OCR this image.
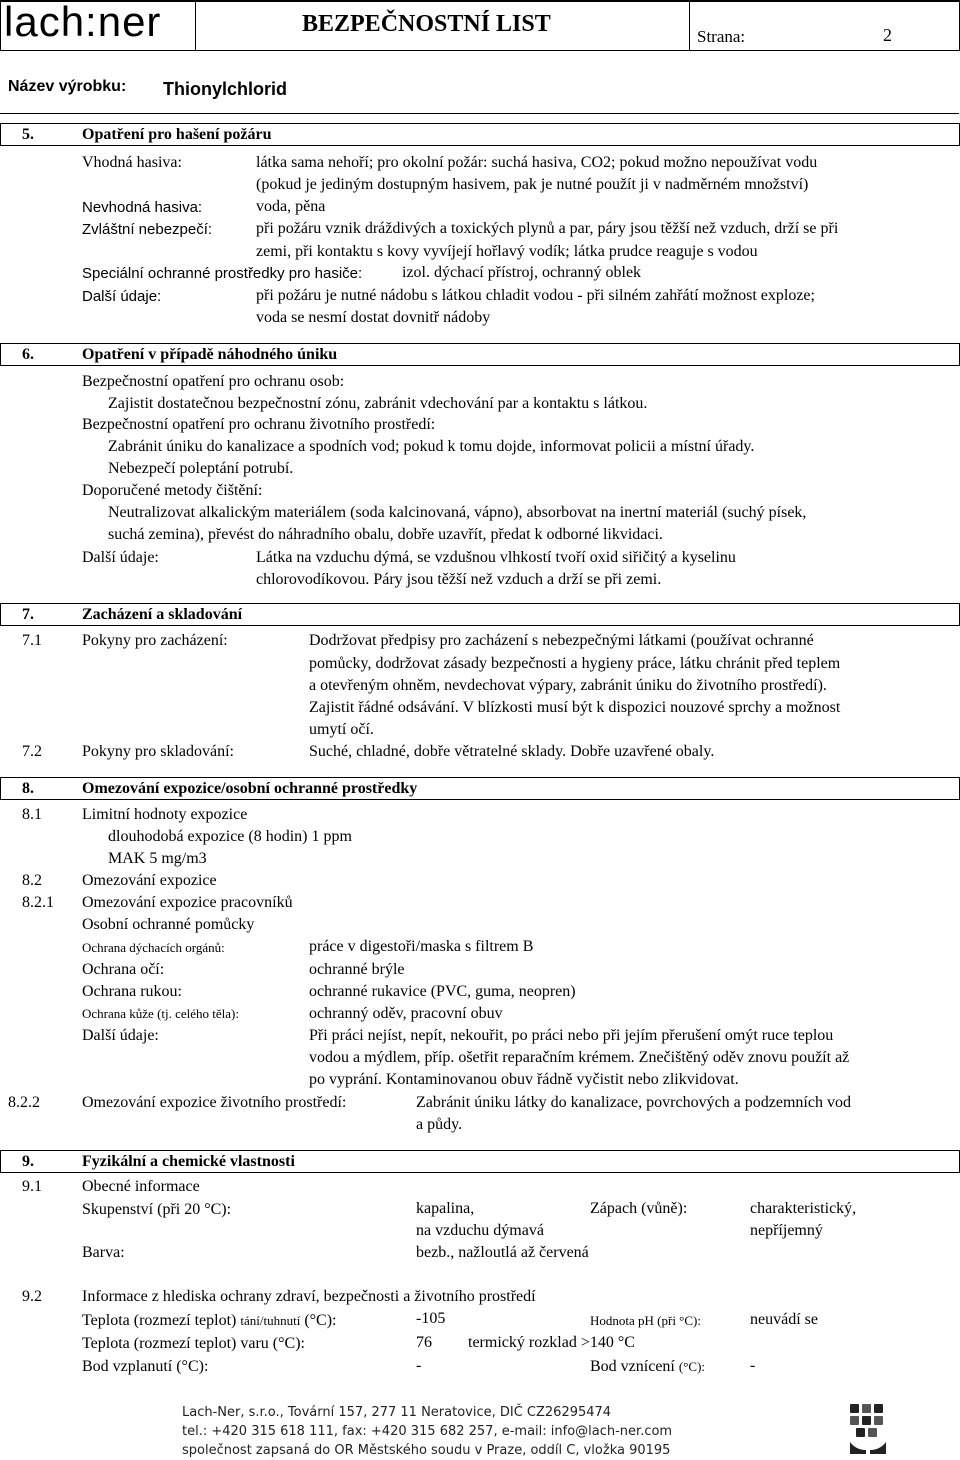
lach:ner	BEZPEČNOSTNÍ LIST	Strana:	2
Název výrobku: Thionylchlorid
5.	Opatření pro hašení požáru
Vhodná hasiva:	látka sama nehoří; pro okolní požár: suchá hasiva, CO2; pokud možno nepoužívat vodu
(pokud je jediným dostupným hasivem, pak je nutné použít ji v nadměrném množství)
Nevhodná hasiva:	voda, pěna
Zvláštní nebezpečí:	při požáru vznik dráždivých a toxických plynů a par, páry jsou těžší než vzduch, drží se při
zemi, při kontaktu s kovy vyvíjejí hořlavý vodík; látka prudce reaguje s vodou
Speciální ochranné prostředky pro hasiče: izol. dýchací přístroj, ochranný oblek
Další údaje:	při požáru je nutné nádobu s látkou chladit vodou - při silném zahřátí možnost exploze;
voda se nesmí dostat dovnitř nádoby
6.	Opatření v případě náhodného úniku
Bezpečnostní opatření pro ochranu osob:
Zajistit dostatečnou bezpečnostní zónu, zabránit vdechování par a kontaktu s látkou.
Bezpečnostní opatření pro ochranu životního prostředí:
Zabránit úniku do kanalizace a spodních vod; pokud k tomu dojde, informovat policii a místní úřady.
Nebezpečí poleptání potrubí.
Doporučené metody čištění:
Neutralizovat alkalickým materiálem (soda kalcinovaná, vápno), absorbovat na inertní materiál (suchý písek,
suchá zemina), převést do náhradního obalu, dobře uzavřít, předat k odborné likvidaci.
Další údaje:	Látka na vzduchu dýmá, se vzdušnou vlhkostí tvoří oxid siřičitý a kyselinu
chlorovodíkovou. Páry jsou těžší než vzduch a drží se při zemi.
7.	Zacházení a skladování
7.1	Pokyny pro zacházení:	Dodržovat předpisy pro zacházení s nebezpečnými látkami (používat ochranné
pomůcky, dodržovat zásady bezpečnosti a hygieny práce, látku chránit před teplem
a otevřeným ohněm, nevdechovat výpary, zabránit úniku do životního prostředí).
Zajistit řádné odsávání. V blízkosti musí být k dispozici nouzové sprchy a možnost
umytí očí.
7.2	Pokyny pro skladování:	Suché, chladné, dobře větratelné sklady. Dobře uzavřené obaly.
8.	Omezování expozice/osobní ochranné prostředky
8.1	Limitní hodnoty expozice
dlouhodobá expozice (8 hodin) 1 ppm
MAK 5 mg/m3
8.2	Omezování expozice
8.2.1 Omezování expozice pracovníků
Osobní ochranné pomůcky
Ochrana dýchacích orgánů:	práce v digestoři/maska s filtrem B
Ochrana očí:	ochranné brýle
Ochrana rukou:	ochranné rukavice (PVC, guma, neopren)
Ochrana kůže (tj. celého těla):	ochranný oděv, pracovní obuv
Další údaje:	Při práci nejíst, nepít, nekouřit, po práci nebo při jejím přerušení omýt ruce teplou
vodou a mýdlem, příp. ošetřit reparačním krémem. Znečištěný oděv znovu použít až
po vyprání. Kontaminovanou obuv řádně vyčistit nebo zlikvidovat.
8.2.2	Omezování expozice životního prostředí:	Zabránit úniku látky do kanalizace, povrchových a podzemních vod
a půdy.
9.	Fyzikální a chemické vlastnosti
9.1	Obecné informace
Skupenství (při 20 °C):	kapalina,
na vzduchu dýmavá
Zápach (vůně):	charakteristický,
nepříjemný
Barva:	bezb., nažloutlá až červená
9.2	Informace z hlediska ochrany zdraví, bezpečnosti a životního prostředí
Teplota (rozmezí teplot) tání/tuhnutí (°C):	-105	Hodnota pH (při °C):	neuvádí se
Teplota (rozmezí teplot) varu (°C):	76 termický rozklad >140 °C
Bod vzplanutí (°C):	-	Bod vznícení (°C):	-
Lach-Ner, s.r.o., Tovární 157, 277 11 Neratovice, DIČ CZ26295474
tel.: +420 315 618 111, fax: +420 315 682 257, e-mail: info@lach-ner.com
společnost zapsaná do OR Městského soudu v Praze, oddíl C, vložka 90195
